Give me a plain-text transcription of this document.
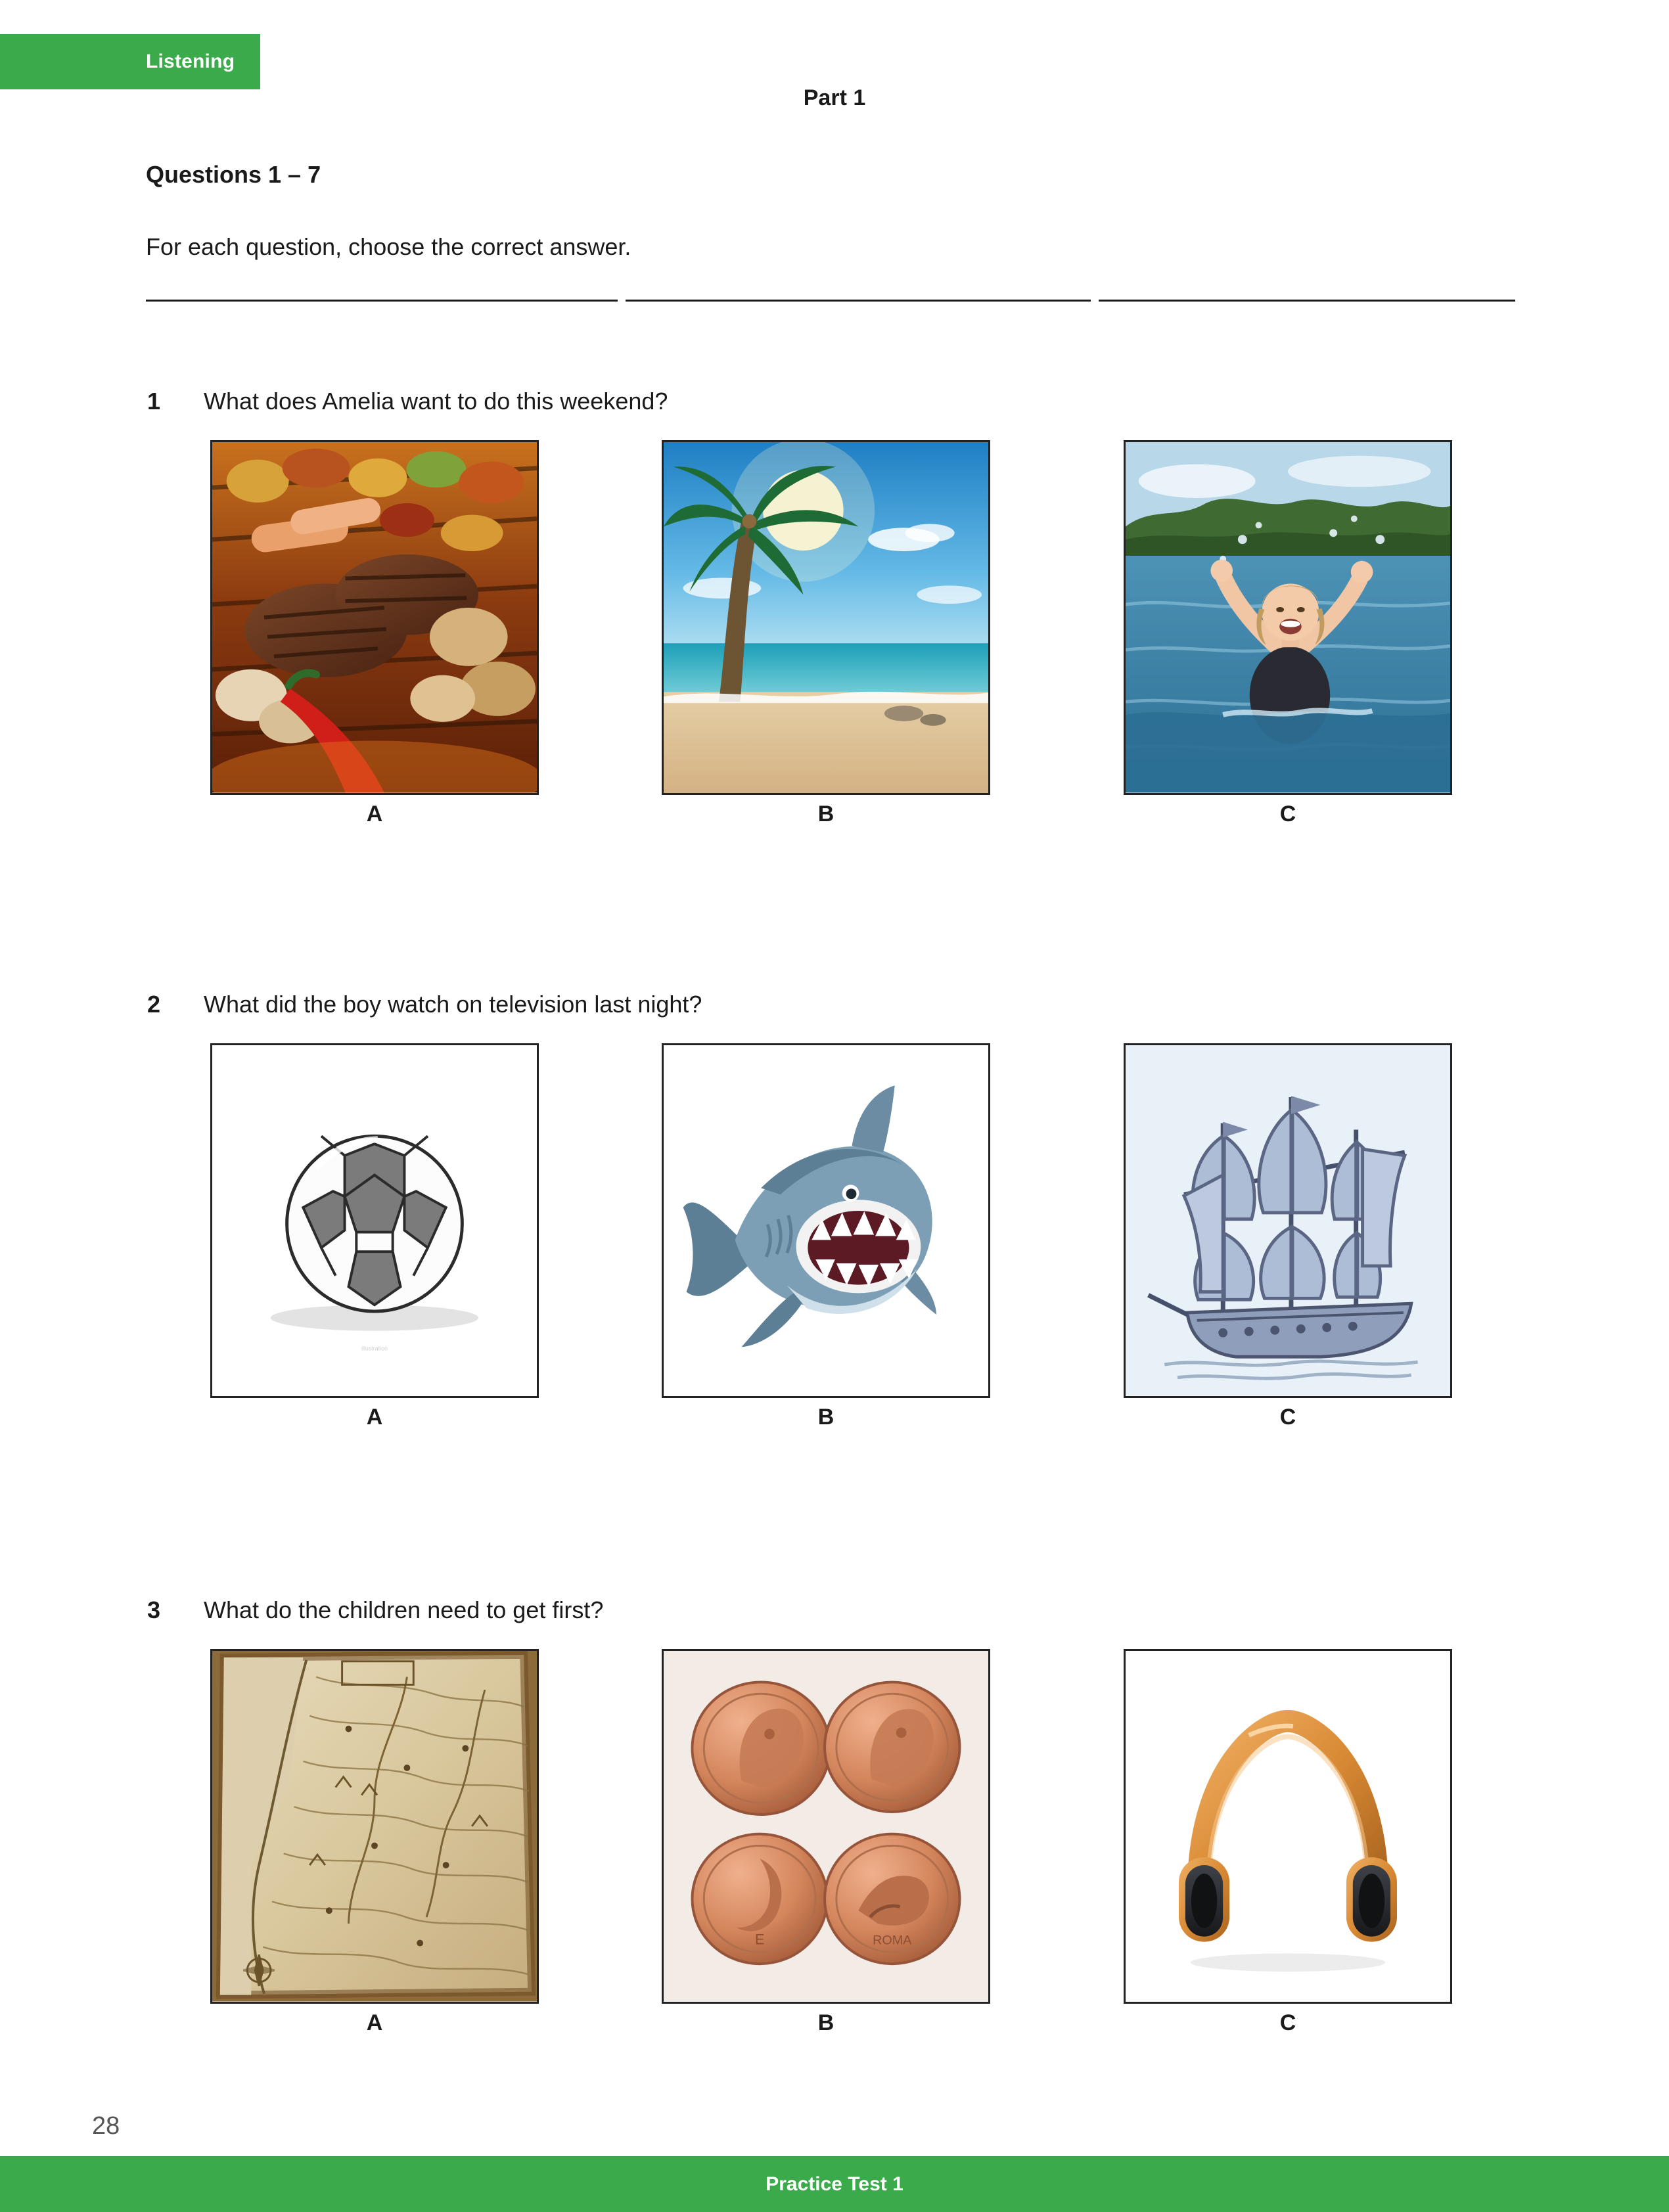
Listening
Part 1
Questions 1 – 7
For each question, choose the correct answer.
1 What does Amelia want to do this weekend?
A	B	C
2 What did the boy watch on television last night?
illustration
A	B	C
3 What do the children need to get first?
A
E	ROMA
B	C
28
Practice Test 1
